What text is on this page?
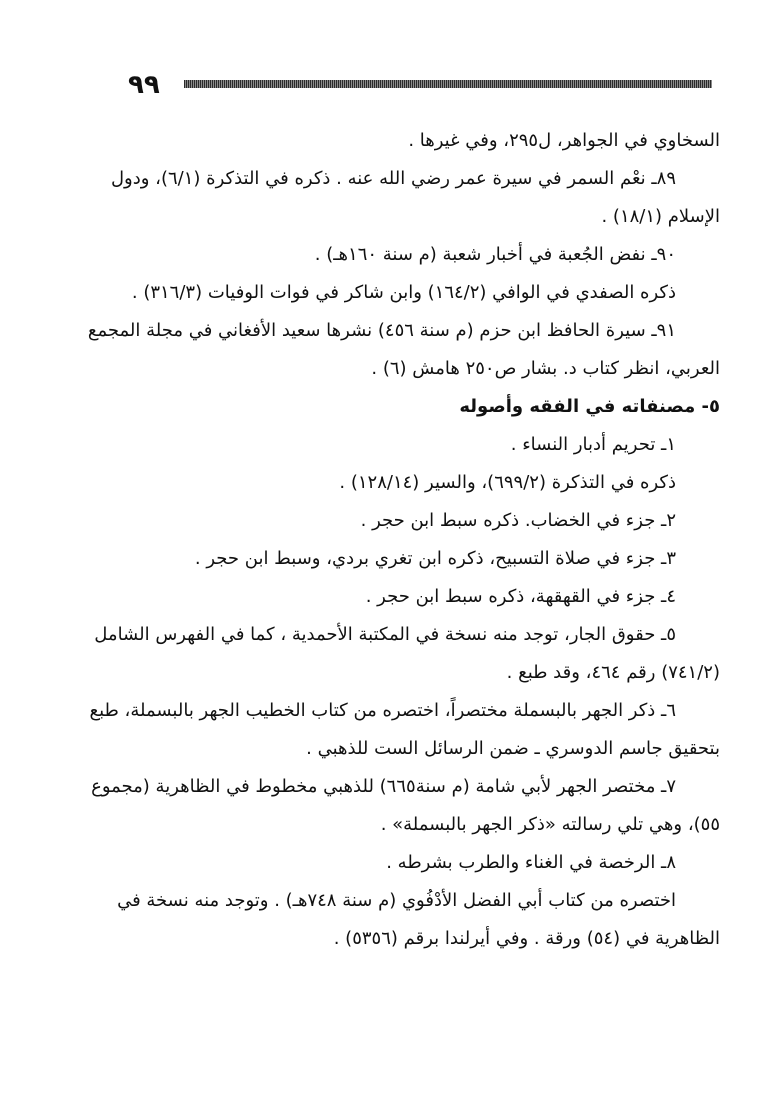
٩٩
السخاوي في الجواهر، ل٢٩٥، وفي غيرها .
٨٩ـ نعْم السمر في سيرة عمر رضي الله عنه . ذكره في التذكرة (٦/١)، ودول
الإسلام (١٨/١) .
٩٠ـ نفض الجُعبة في أخبار شعبة (م سنة ١٦٠هـ) .
ذكره الصفدي في الوافي (١٦٤/٢) وابن شاكر في فوات الوفيات (٣١٦/٣) .
٩١ـ سيرة الحافظ ابن حزم (م سنة ٤٥٦) نشرها سعيد الأفغاني في مجلة المجمع
العربي، انظر كتاب د. بشار ص٢٥٠ هامش (٦) .
٥- مصنفاته في الفقه وأصوله
١ـ تحريم أدبار النساء .
ذكره في التذكرة (٦٩٩/٢)، والسير (١٢٨/١٤) .
٢ـ جزء في الخضاب. ذكره سبط ابن حجر .
٣ـ جزء في صلاة التسبيح، ذكره ابن تغري بردي، وسبط ابن حجر .
٤ـ جزء في القهقهة، ذكره سبط ابن حجر .
٥ـ حقوق الجار، توجد منه نسخة في المكتبة الأحمدية ، كما في الفهرس الشامل
(٧٤١/٢) رقم ٤٦٤، وقد طبع .
٦ـ ذكر الجهر بالبسملة مختصراً، اختصره من كتاب الخطيب الجهر بالبسملة، طبع
بتحقيق جاسم الدوسري ـ ضمن الرسائل الست للذهبي .
٧ـ مختصر الجهر لأبي شامة (م سنة٦٦٥) للذهبي مخطوط في الظاهرية (مجموع
٥٥)، وهي تلي رسالته «ذكر الجهر بالبسملة» .
٨ـ الرخصة في الغناء والطرب بشرطه .
اختصره من كتاب أبي الفضل الأدْفُوي (م سنة ٧٤٨هـ) . وتوجد منه نسخة في
الظاهرية في (٥٤) ورقة . وفي أيرلندا برقم (٥٣٥٦) .
